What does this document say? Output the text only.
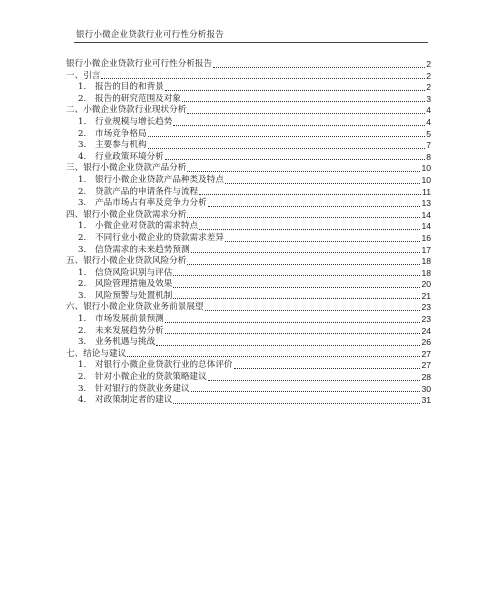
银行小微企业贷款行业可行性分析报告
银行小微企业贷款行业可行性分析报告	2
一、 引言	2
1.	报告的目的和背景	2
2.	报告的研究范围及对象	3
二、 小微企业贷款行业现状分析	4
1.	行业规模与增长趋势	4
2.	市场竞争格局	5
3.	主要参与机构	7
4.	行业政策环境分析	8
三、 银行小微企业贷款产品分析	10
1.	银行小微企业贷款产品种类及特点	10
2.	贷款产品的申请条件与流程	11
3.	产品市场占有率及竞争力分析	13
四、 银行小微企业贷款需求分析	14
1.	小微企业对贷款的需求特点	14
2.	不同行业小微企业的贷款需求差异	16
3.	信贷需求的未来趋势预测	17
五、 银行小微企业贷款风险分析	18
1.	信贷风险识别与评估	18
2.	风险管理措施及效果	20
3.	风险预警与处置机制	21
六、 银行小微企业贷款业务前景展望	23
1.	市场发展前景预测	23
2.	未来发展趋势分析	24
3.	业务机遇与挑战	26
七、 结论与建议	27
1.	对银行小微企业贷款行业的总体评价	27
2.	针对小微企业的贷款策略建议	28
3.	针对银行的贷款业务建议	30
4.	对政策制定者的建议	31
